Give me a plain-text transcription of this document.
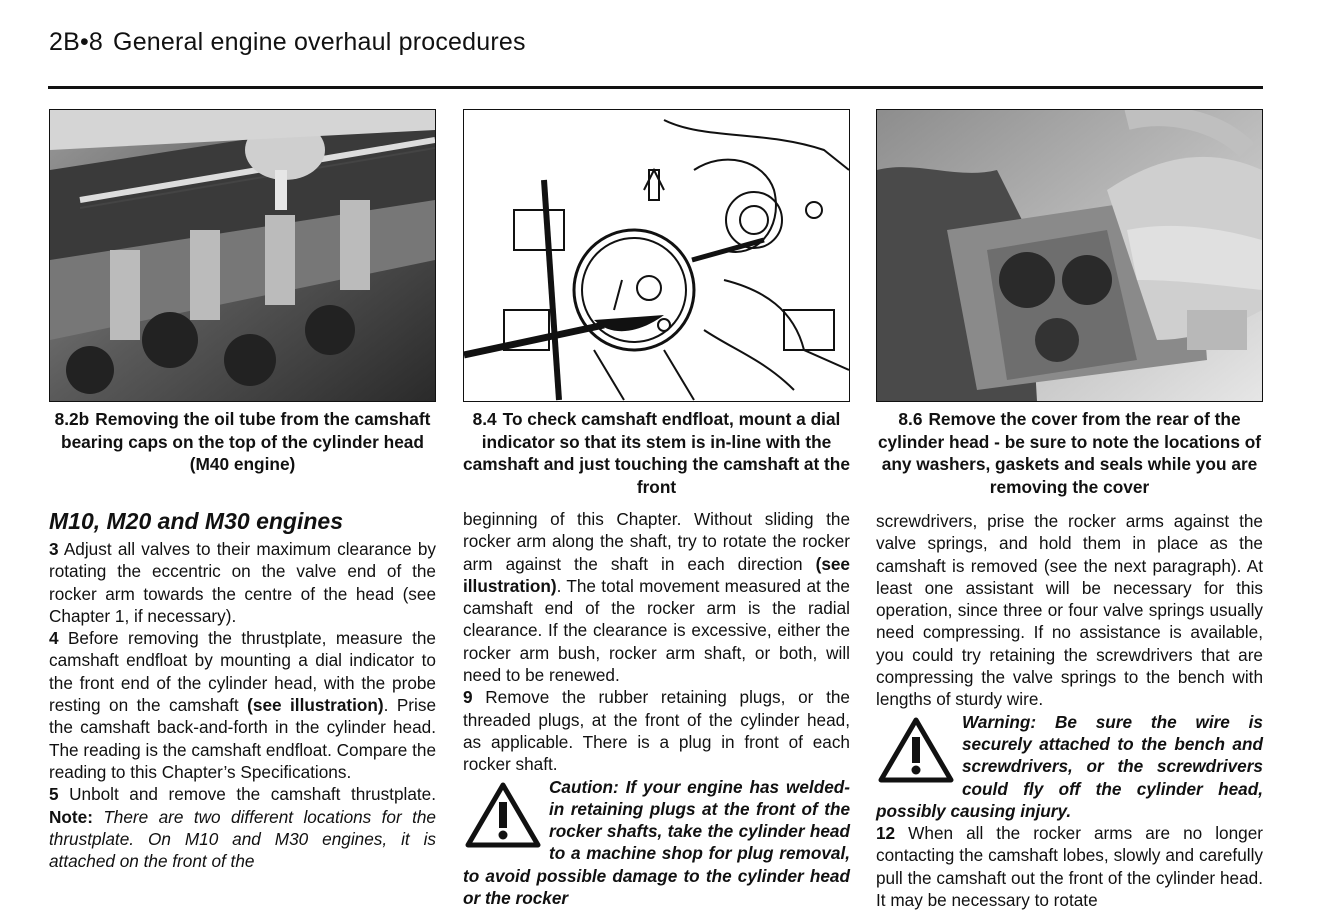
2B•8 General engine overhaul procedures
8.2b Removing the oil tube from the camshaft bearing caps on the top of the cylinder head (M40 engine)
8.4 To check camshaft endfloat, mount a dial indicator so that its stem is in-line with the camshaft and just touching the camshaft at the front
8.6 Remove the cover from the rear of the cylinder head - be sure to note the locations of any washers, gaskets and seals while you are removing the cover
M10, M20 and M30 engines

3 Adjust all valves to their maximum clearance by rotating the eccentric on the valve end of the rocker arm towards the centre of the head (see Chapter 1, if necessary).

4 Before removing the thrustplate, measure the camshaft endfloat by mounting a dial indicator to the front end of the cylinder head, with the probe resting on the camshaft (see illustration). Prise the camshaft back-and-forth in the cylinder head. The reading is the camshaft endfloat. Compare the reading to this Chapter’s Specifications.

5 Unbolt and remove the camshaft thrustplate. Note: There are two different locations for the thrustplate. On M10 and M30 engines, it is attached on the front of the

beginning of this Chapter. Without sliding the rocker arm along the shaft, try to rotate the rocker arm against the shaft in each direction (see illustration). The total movement measured at the camshaft end of the rocker arm is the radial clearance. If the clearance is excessive, either the rocker arm bush, rocker arm shaft, or both, will need to be renewed.

9 Remove the rubber retaining plugs, or the threaded plugs, at the front of the cylinder head, as applicable. There is a plug in front of each rocker shaft.

Caution: If your engine has welded-in retaining plugs at the front of the rocker shafts, take the cylinder head to a machine shop for plug removal, to avoid possible damage to the cylinder head or the rocker

screwdrivers, prise the rocker arms against the valve springs, and hold them in place as the camshaft is removed (see the next paragraph). At least one assistant will be necessary for this operation, since three or four valve springs usually need compressing. If no assistance is available, you could try retaining the screwdrivers that are compressing the valve springs to the bench with lengths of sturdy wire.

Warning: Be sure the wire is securely attached to the bench and screwdrivers, or the screwdrivers could fly off the cylinder head, possibly causing injury.

12 When all the rocker arms are no longer contacting the camshaft lobes, slowly and carefully pull the camshaft out the front of the cylinder head. It may be necessary to rotate
